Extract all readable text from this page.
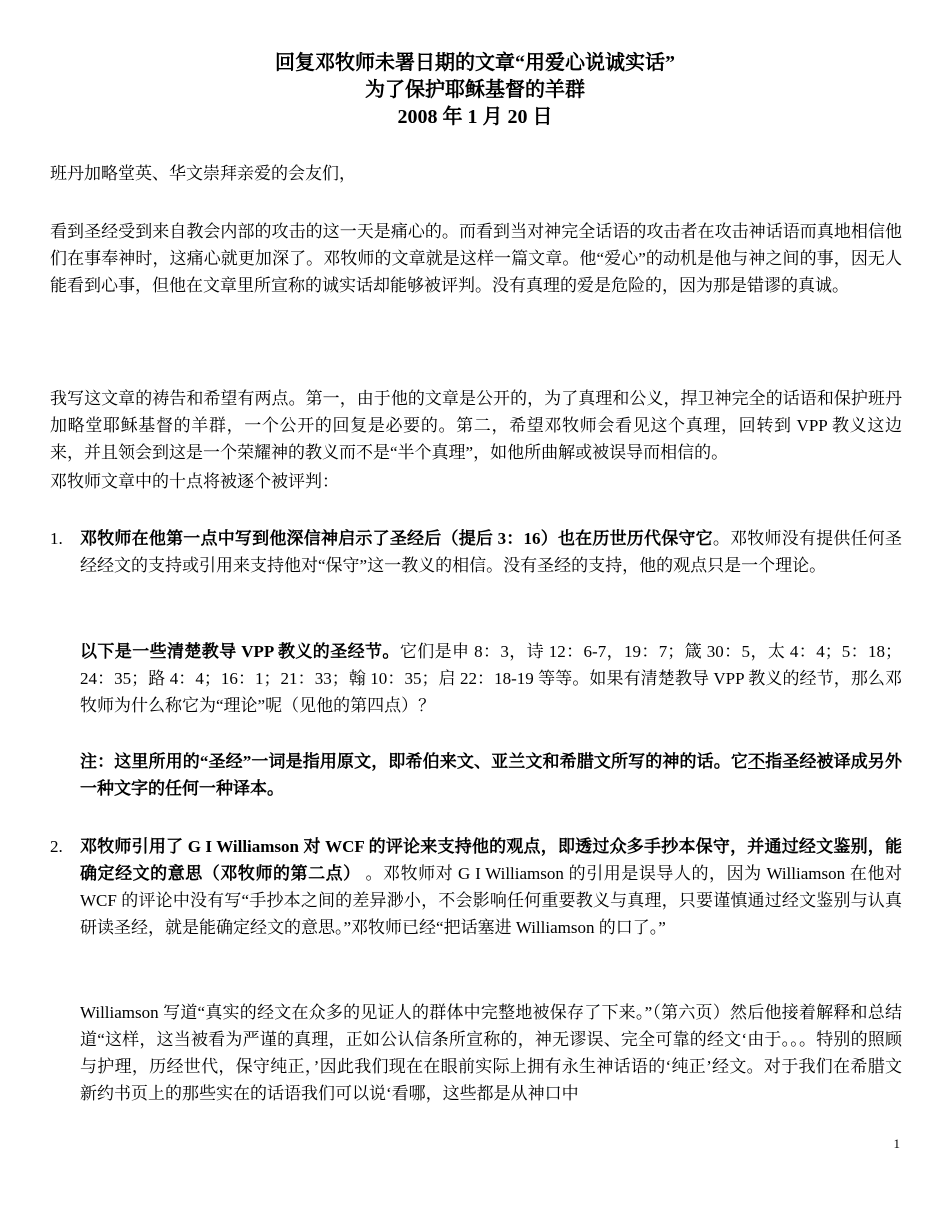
回复邓牧师未署日期的文章“用爱心说诚实话”
为了保护耶稣基督的羊群
2008 年 1 月 20 日

班丹加略堂英、华文崇拜亲爱的会友们，

看到圣经受到来自教会内部的攻击的这一天是痛心的。而看到当对神完全话语的攻击者在攻击神话语而真地相信他们在事奉神时，这痛心就更加深了。邓牧师的文章就是这样一篇文章。他“爱心”的动机是他与神之间的事，因无人能看到心事，但他在文章里所宣称的诚实话却能够被评判。没有真理的爱是危险的，因为那是错谬的真诚。

我写这文章的祷告和希望有两点。第一，由于他的文章是公开的，为了真理和公义，捍卫神完全的话语和保护班丹加略堂耶稣基督的羊群，一个公开的回复是必要的。第二，希望邓牧师会看见这个真理，回转到 VPP 教义这边来，并且领会到这是一个荣耀神的教义而不是“半个真理”，如他所曲解或被误导而相信的。

邓牧师文章中的十点将被逐个被评判：

1.	邓牧师在他第一点中写到他深信神启示了圣经后（提后 3：16）也在历世历代保守它。邓牧师没有提供任何圣经经文的支持或引用来支持他对“保守”这一教义的相信。没有圣经的支持，他的观点只是一个理论。

以下是一些清楚教导 VPP 教义的圣经节。它们是申 8：3，诗 12：6-7，19：7；箴 30：5，太 4：4；5：18；24：35；路 4：4；16：1；21：33；翰 10：35；启 22：18-19 等等。如果有清楚教导 VPP 教义的经节，那么邓牧师为什么称它为“理论”呢（见他的第四点）？

注：这里所用的“圣经”一词是指用原文，即希伯来文、亚兰文和希腊文所写的神的话。它不指圣经被译成另外一种文字的任何一种译本。

2.	邓牧师引用了 G I Williamson 对 WCF 的评论来支持他的观点，即透过众多手抄本保守，并通过经文鉴别，能确定经文的意思（邓牧师的第二点） 。邓牧师对 G I Williamson 的引用是误导人的，因为 Williamson 在他对 WCF 的评论中没有写“手抄本之间的差异渺小，不会影响任何重要教义与真理，只要谨慎通过经文鉴别与认真研读圣经，就是能确定经文的意思。”邓牧师已经“把话塞进 Williamson 的口了。”

Williamson 写道“真实的经文在众多的见证人的群体中完整地被保存了下来。”（第六页）然后他接着解释和总结道“这样，这当被看为严谨的真理，正如公认信条所宣称的，神无谬误、完全可靠的经文‘由于。。。特别的照顾与护理，历经世代，保守纯正，’因此我们现在在眼前实际上拥有永生神话语的‘纯正’经文。对于我们在希腊文新约书页上的那些实在的话语我们可以说‘看哪，这些都是从神口中

1
